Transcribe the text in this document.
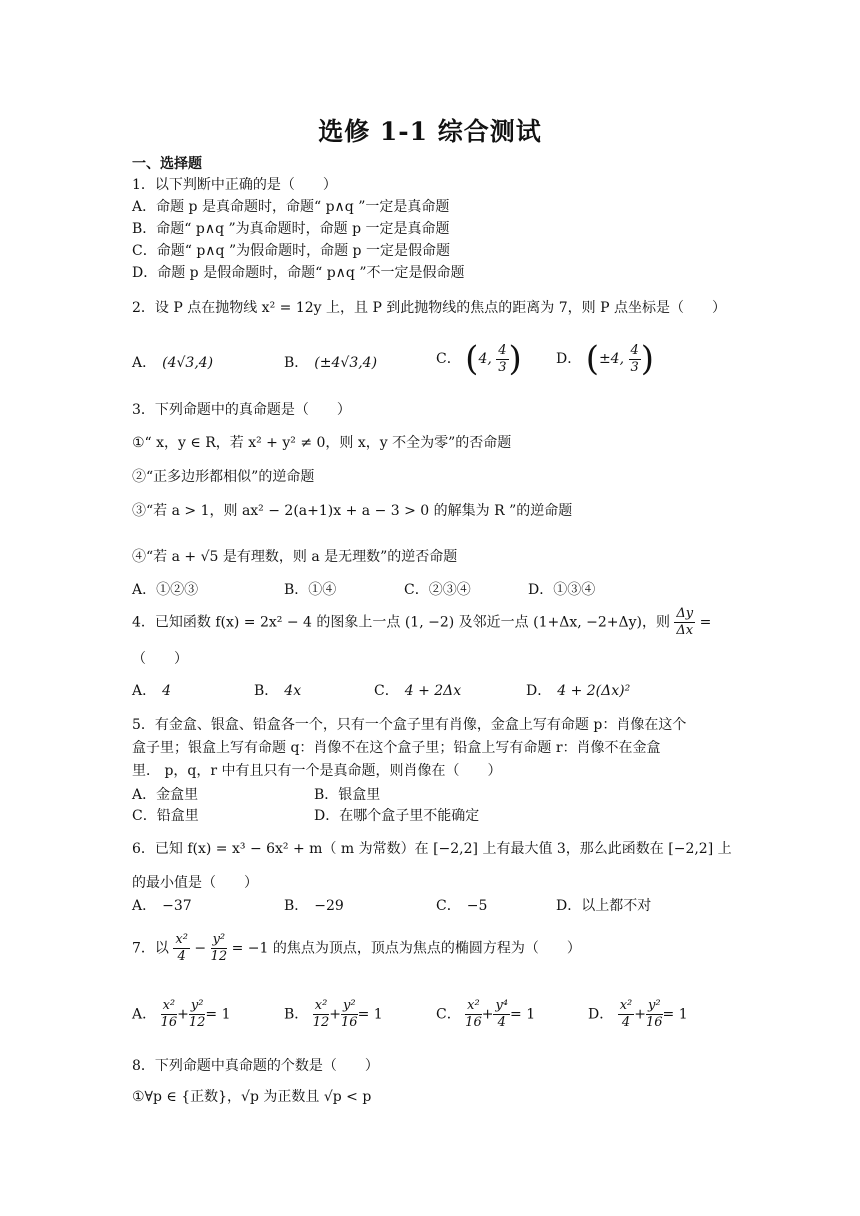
选修 1-1 综合测试
一、选择题
1．以下判断中正确的是（　　）
A．命题 p 是真命题时，命题“ p∧q ”一定是真命题
B．命题“ p∧q ”为真命题时，命题 p 一定是真命题
C．命题“ p∧q ”为假命题时，命题 p 一定是假命题
D．命题 p 是假命题时，命题“ p∧q ”不一定是假命题
2．设 P 点在抛物线 x² = 12y 上，且 P 到此抛物线的焦点的距离为 7，则 P 点坐标是（　　）
A． (4√3,4)	B． (±4√3,4)	C． (4, $\frac{4}{3}$ ) D． (±4, $\frac{4}{3}$ )
3．下列命题中的真命题是（　　）
①“ x，y ∈ R，若 x² + y² ≠ 0，则 x，y 不全为零”的否命题
②“正多边形都相似”的逆命题
③“若 a > 1，则 ax² − 2(a+1)x + a − 3 > 0 的解集为 R ”的逆命题
④“若 a + √5 是有理数，则 a 是无理数”的逆否命题
A．①②③	B．①④	C．②③④	D．①③④
4．已知函数 f(x) = 2x² − 4 的图象上一点 (1, −2) 及邻近一点 (1+Δx, −2+Δy)，则 $\frac{\Delta y}{\Delta x}$ =
（　　）
A． 4	B． 4x	C． 4 + 2Δx	D． 4 + 2(Δx)²
5．有金盒、银盒、铅盒各一个，只有一个盒子里有肖像，金盒上写有命题 p：肖像在这个
盒子里；银盒上写有命题 q：肖像不在这个盒子里；铅盒上写有命题 r：肖像不在金盒
里． p，q，r 中有且只有一个是真命题，则肖像在（　　）
A．金盒里	B．银盒里
C．铅盒里	D．在哪个盒子里不能确定
6．已知 f(x) = x³ − 6x² + m（ m 为常数）在 [−2,2] 上有最大值 3，那么此函数在 [−2,2] 上
的最小值是（　　）
A． −37	B． −29	C． −5	D．以上都不对
7．以 $\frac{\text{x²}}{4} - \frac{\text{y²}}{12} = -1$ 的焦点为顶点，顶点为焦点的椭圆方程为（　　）
A． $\frac{\text{x²}}{16} + \frac{\text{y²}}{12} = 1$	B． $\frac{\text{x²}}{12} + \frac{\text{y²}}{16} = 1$	C． $\frac{\text{x²}}{16} + \frac{\text{y⁴}}{4} = 1$	D． $\frac{\text{x²}}{4} + \frac{\text{y²}}{16} = 1$
8．下列命题中真命题的个数是（　　）
①∀p ∈ {正数}，√p 为正数且 √p < p
